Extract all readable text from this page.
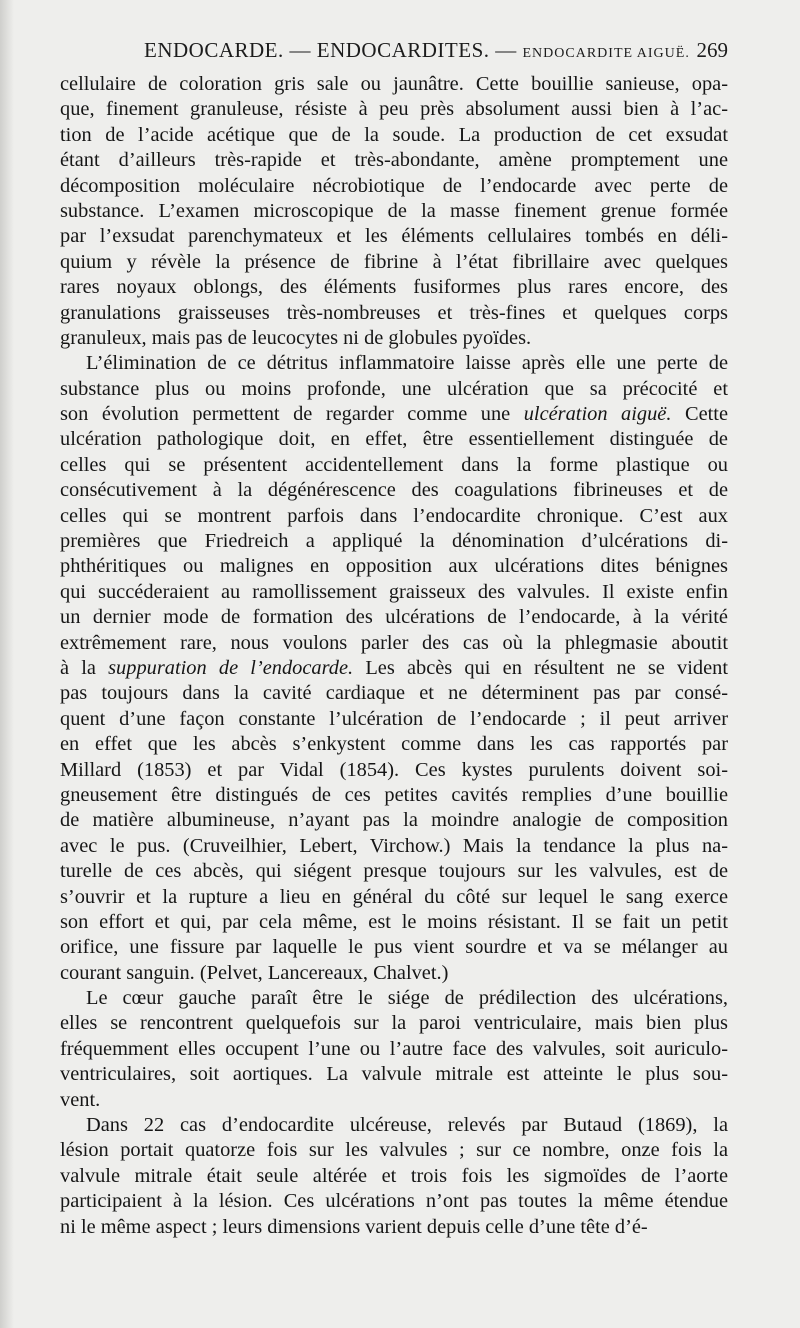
ENDOCARDE. — ENDOCARDITES. — ENDOCARDITE AIGUË. 269
cellulaire de coloration gris sale ou jaunâtre. Cette bouillie sanieuse, opa-
que, finement granuleuse, résiste à peu près absolument aussi bien à l’ac-
tion de l’acide acétique que de la soude. La production de cet exsudat
étant d’ailleurs très-rapide et très-abondante, amène promptement une
décomposition moléculaire nécrobiotique de l’endocarde avec perte de
substance. L’examen microscopique de la masse finement grenue formée
par l’exsudat parenchymateux et les éléments cellulaires tombés en déli-
quium y révèle la présence de fibrine à l’état fibrillaire avec quelques
rares noyaux oblongs, des éléments fusiformes plus rares encore, des
granulations graisseuses très-nombreuses et très-fines et quelques corps
granuleux, mais pas de leucocytes ni de globules pyoïdes.
L’élimination de ce détritus inflammatoire laisse après elle une perte de
substance plus ou moins profonde, une ulcération que sa précocité et
son évolution permettent de regarder comme une ulcération aiguë. Cette
ulcération pathologique doit, en effet, être essentiellement distinguée de
celles qui se présentent accidentellement dans la forme plastique ou
consécutivement à la dégénérescence des coagulations fibrineuses et de
celles qui se montrent parfois dans l’endocardite chronique. C’est aux
premières que Friedreich a appliqué la dénomination d’ulcérations di-
phthéritiques ou malignes en opposition aux ulcérations dites bénignes
qui succéderaient au ramollissement graisseux des valvules. Il existe enfin
un dernier mode de formation des ulcérations de l’endocarde, à la vérité
extrêmement rare, nous voulons parler des cas où la phlegmasie aboutit
à la suppuration de l’endocarde. Les abcès qui en résultent ne se vident
pas toujours dans la cavité cardiaque et ne déterminent pas par consé-
quent d’une façon constante l’ulcération de l’endocarde ; il peut arriver
en effet que les abcès s’enkystent comme dans les cas rapportés par
Millard (1853) et par Vidal (1854). Ces kystes purulents doivent soi-
gneusement être distingués de ces petites cavités remplies d’une bouillie
de matière albumineuse, n’ayant pas la moindre analogie de composition
avec le pus. (Cruveilhier, Lebert, Virchow.) Mais la tendance la plus na-
turelle de ces abcès, qui siégent presque toujours sur les valvules, est de
s’ouvrir et la rupture a lieu en général du côté sur lequel le sang exerce
son effort et qui, par cela même, est le moins résistant. Il se fait un petit
orifice, une fissure par laquelle le pus vient sourdre et va se mélanger au
courant sanguin. (Pelvet, Lancereaux, Chalvet.)
Le cœur gauche paraît être le siége de prédilection des ulcérations,
elles se rencontrent quelquefois sur la paroi ventriculaire, mais bien plus
fréquemment elles occupent l’une ou l’autre face des valvules, soit auriculo-
ventriculaires, soit aortiques. La valvule mitrale est atteinte le plus sou-
vent.
Dans 22 cas d’endocardite ulcéreuse, relevés par Butaud (1869), la
lésion portait quatorze fois sur les valvules ; sur ce nombre, onze fois la
valvule mitrale était seule altérée et trois fois les sigmoïdes de l’aorte
participaient à la lésion. Ces ulcérations n’ont pas toutes la même étendue
ni le même aspect ; leurs dimensions varient depuis celle d’une tête d’é-
